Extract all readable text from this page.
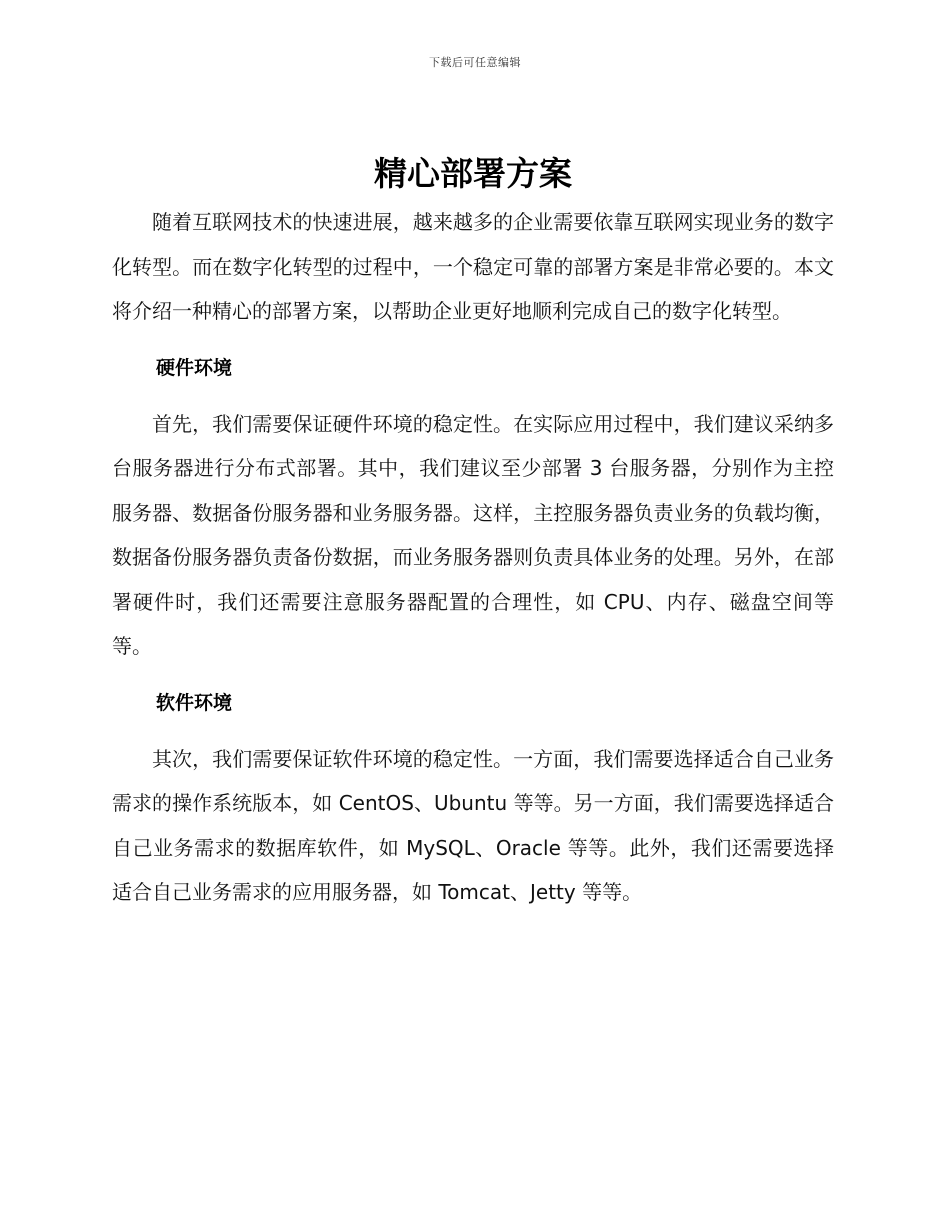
下载后可任意编辑
精心部署方案

随着互联网技术的快速进展，越来越多的企业需要依靠互联网实现业务的数字化转型。而在数字化转型的过程中，一个稳定可靠的部署方案是非常必要的。本文将介绍一种精心的部署方案，以帮助企业更好地顺利完成自己的数字化转型。

硬件环境

首先，我们需要保证硬件环境的稳定性。在实际应用过程中，我们建议采纳多台服务器进行分布式部署。其中，我们建议至少部署 3 台服务器，分别作为主控服务器、数据备份服务器和业务服务器。这样，主控服务器负责业务的负载均衡，数据备份服务器负责备份数据，而业务服务器则负责具体业务的处理。另外，在部署硬件时，我们还需要注意服务器配置的合理性，如 CPU、内存、磁盘空间等等。

软件环境

其次，我们需要保证软件环境的稳定性。一方面，我们需要选择适合自己业务需求的操作系统版本，如 CentOS、Ubuntu 等等。另一方面，我们需要选择适合自己业务需求的数据库软件，如 MySQL、Oracle 等等。此外，我们还需要选择适合自己业务需求的应用服务器，如 Tomcat、Jetty 等等。
